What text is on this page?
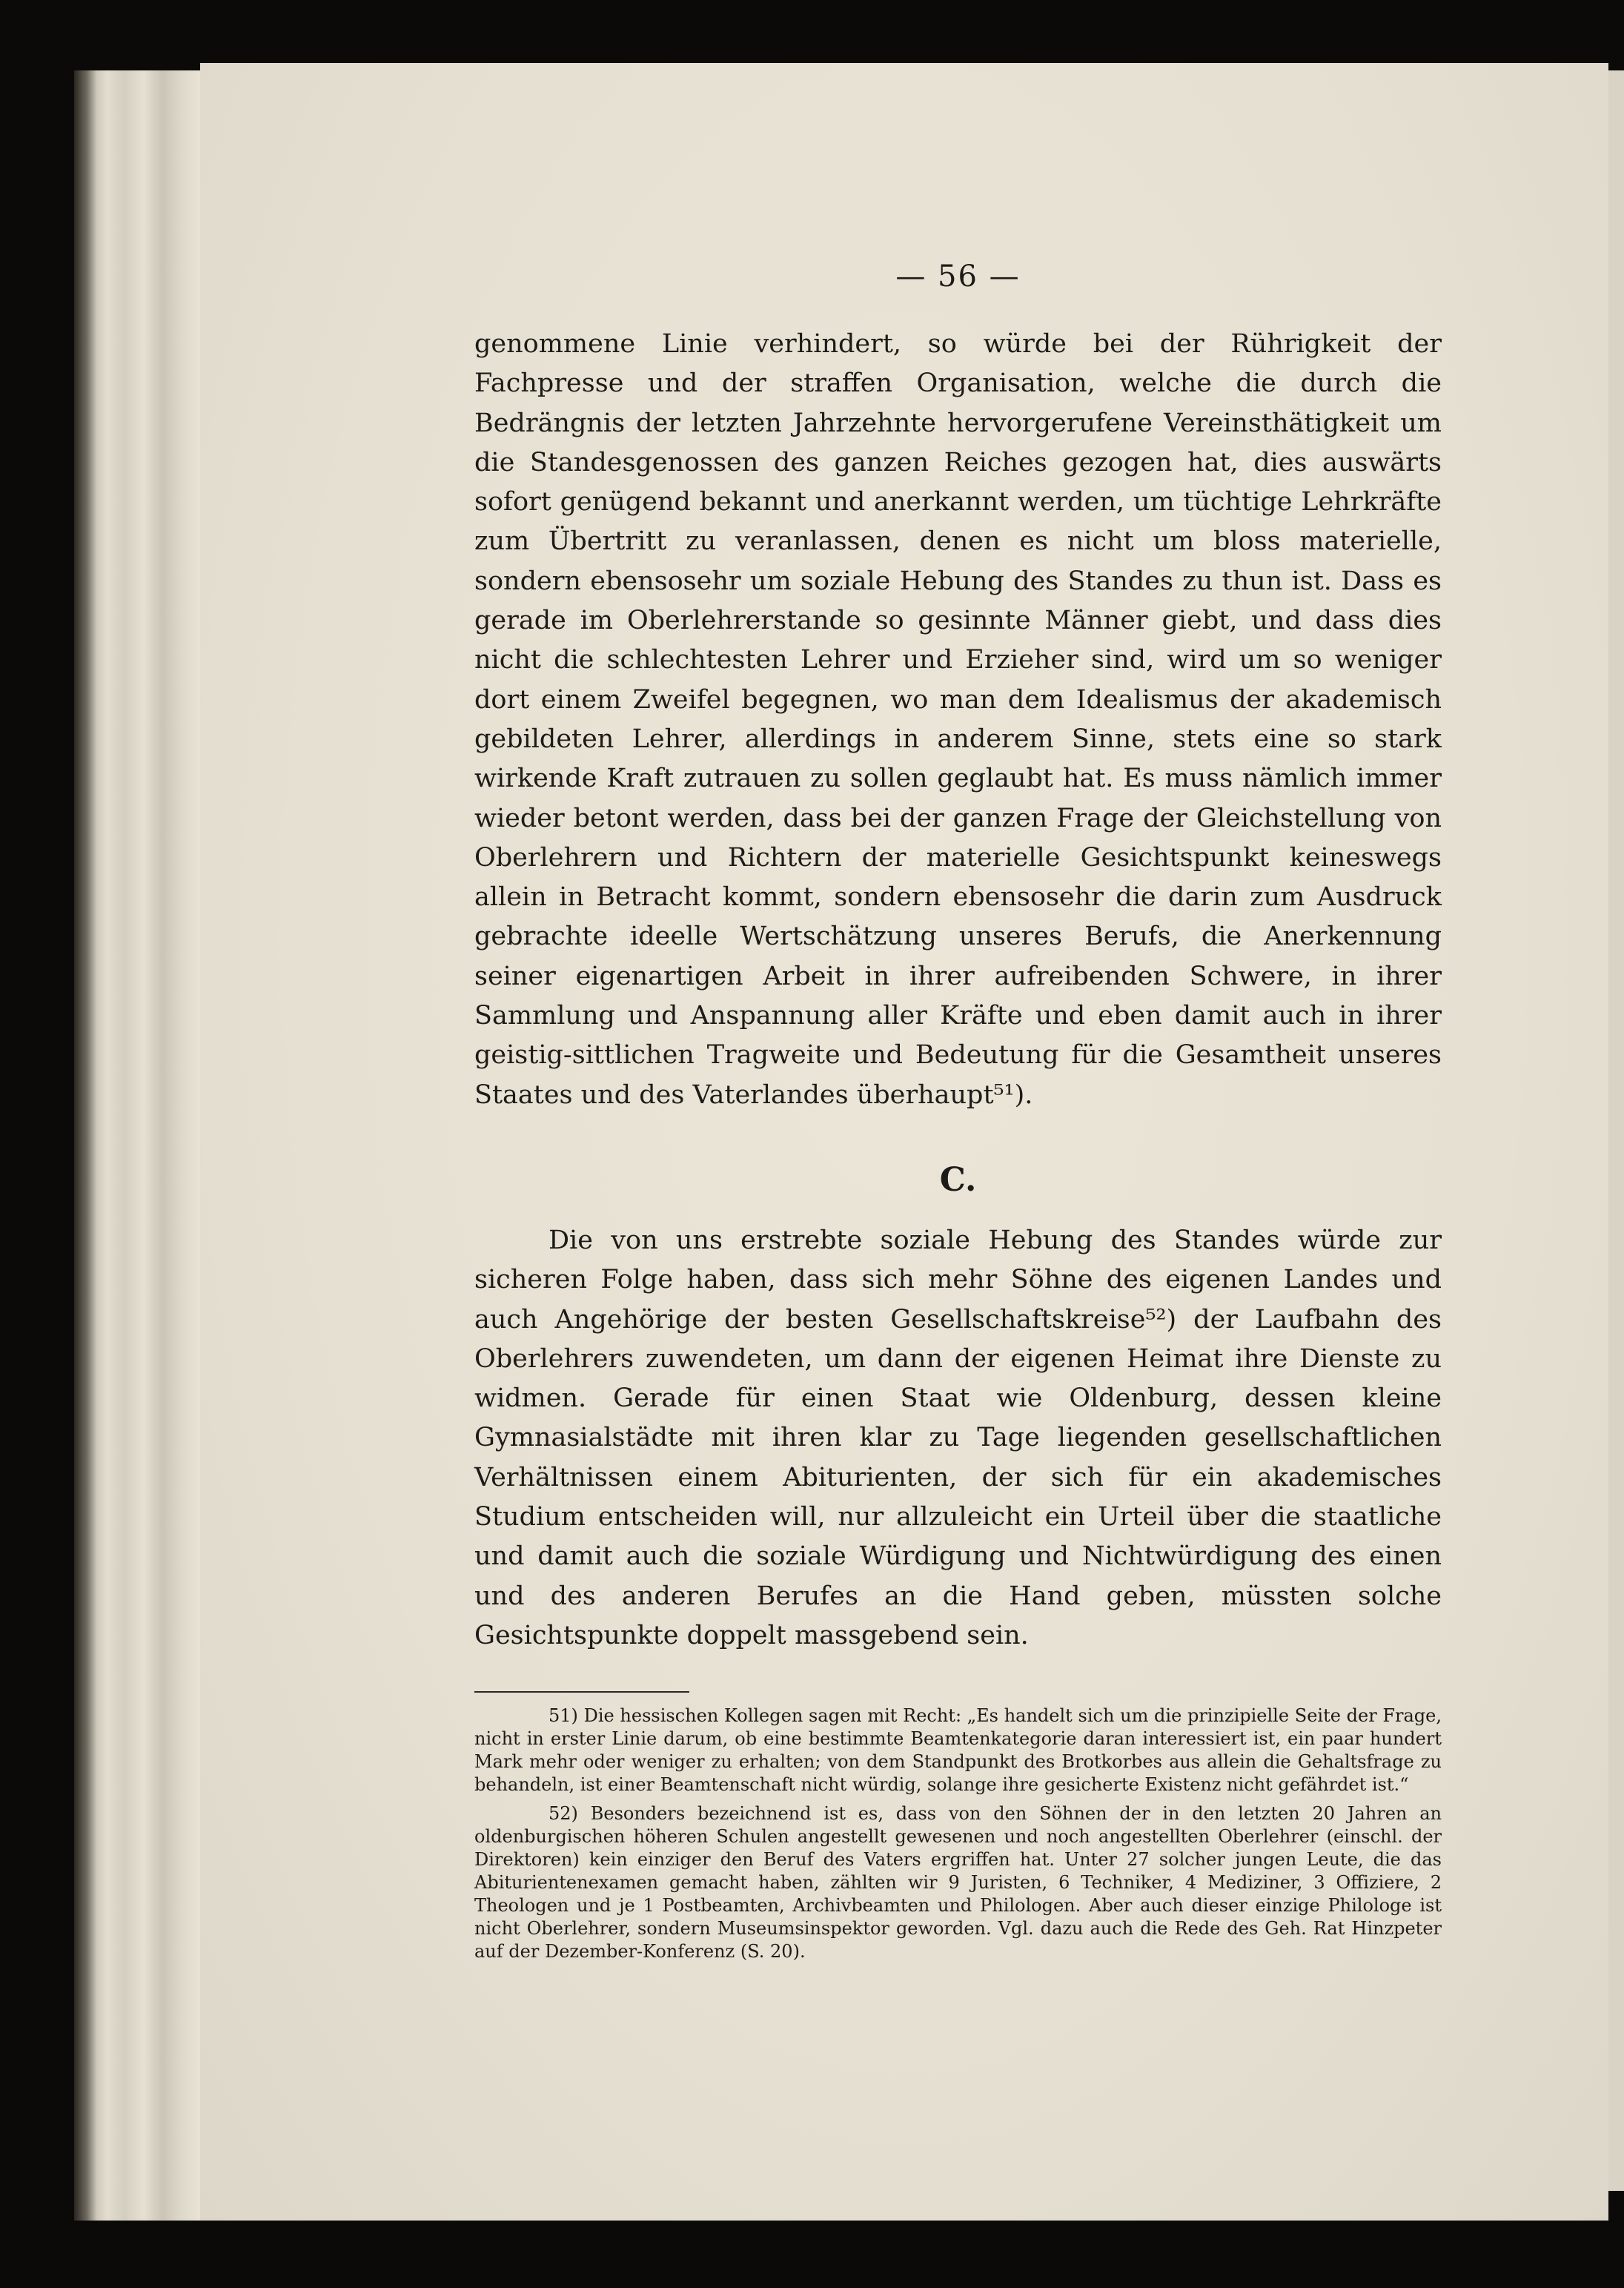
— 56 —

genommene Linie verhindert, so würde bei der Rührigkeit der Fachpresse und der straffen Organisation, welche die durch die Bedrängnis der letzten Jahrzehnte hervorgerufene Vereinsthätigkeit um die Standesgenossen des ganzen Reiches gezogen hat, dies auswärts sofort genügend bekannt und anerkannt werden, um tüchtige Lehrkräfte zum Übertritt zu veranlassen, denen es nicht um bloss materielle, sondern ebensosehr um soziale Hebung des Standes zu thun ist. Dass es gerade im Oberlehrerstande so gesinnte Männer giebt, und dass dies nicht die schlechtesten Lehrer und Erzieher sind, wird um so weniger dort einem Zweifel begegnen, wo man dem Idealismus der akademisch gebildeten Lehrer, allerdings in anderem Sinne, stets eine so stark wirkende Kraft zutrauen zu sollen geglaubt hat. Es muss nämlich immer wieder betont werden, dass bei der ganzen Frage der Gleichstellung von Oberlehrern und Richtern der materielle Gesichtspunkt keineswegs allein in Betracht kommt, sondern ebensosehr die darin zum Ausdruck gebrachte ideelle Wertschätzung unseres Berufs, die Anerkennung seiner eigenartigen Arbeit in ihrer aufreibenden Schwere, in ihrer Sammlung und Anspannung aller Kräfte und eben damit auch in ihrer geistig-sittlichen Tragweite und Bedeutung für die Gesamtheit unseres Staates und des Vaterlandes überhaupt⁵¹).

C.

Die von uns erstrebte soziale Hebung des Standes würde zur sicheren Folge haben, dass sich mehr Söhne des eigenen Landes und auch Angehörige der besten Gesellschaftskreise⁵²) der Laufbahn des Oberlehrers zuwendeten, um dann der eigenen Heimat ihre Dienste zu widmen. Gerade für einen Staat wie Oldenburg, dessen kleine Gymnasialstädte mit ihren klar zu Tage liegenden gesellschaftlichen Verhältnissen einem Abiturienten, der sich für ein akademisches Studium entscheiden will, nur allzuleicht ein Urteil über die staatliche und damit auch die soziale Würdigung und Nichtwürdigung des einen und des anderen Berufes an die Hand geben, müssten solche Gesichtspunkte doppelt massgebend sein.

51) Die hessischen Kollegen sagen mit Recht: „Es handelt sich um die prinzipielle Seite der Frage, nicht in erster Linie darum, ob eine bestimmte Beamtenkategorie daran interessiert ist, ein paar hundert Mark mehr oder weniger zu erhalten; von dem Standpunkt des Brotkorbes aus allein die Gehaltsfrage zu behandeln, ist einer Beamtenschaft nicht würdig, solange ihre gesicherte Existenz nicht gefährdet ist.“

52) Besonders bezeichnend ist es, dass von den Söhnen der in den letzten 20 Jahren an oldenburgischen höheren Schulen angestellt gewesenen und noch angestellten Oberlehrer (einschl. der Direktoren) kein einziger den Beruf des Vaters ergriffen hat. Unter 27 solcher jungen Leute, die das Abiturientenexamen gemacht haben, zählten wir 9 Juristen, 6 Techniker, 4 Mediziner, 3 Offiziere, 2 Theologen und je 1 Postbeamten, Archivbeamten und Philologen. Aber auch dieser einzige Philologe ist nicht Oberlehrer, sondern Museumsinspektor geworden. Vgl. dazu auch die Rede des Geh. Rat Hinzpeter auf der Dezember-Konferenz (S. 20).
